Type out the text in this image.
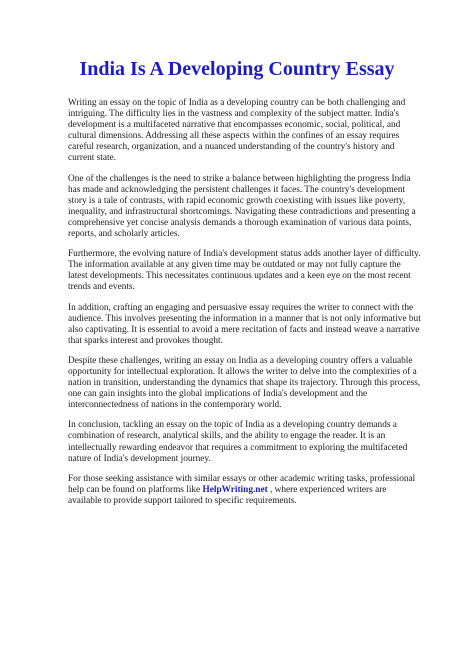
India Is A Developing Country Essay

Writing an essay on the topic of India as a developing country can be both challenging and intriguing. The difficulty lies in the vastness and complexity of the subject matter. India's development is a multifaceted narrative that encompasses economic, social, political, and cultural dimensions. Addressing all these aspects within the confines of an essay requires careful research, organization, and a nuanced understanding of the country's history and current state.

One of the challenges is the need to strike a balance between highlighting the progress India has made and acknowledging the persistent challenges it faces. The country's development story is a tale of contrasts, with rapid economic growth coexisting with issues like poverty, inequality, and infrastructural shortcomings. Navigating these contradictions and presenting a comprehensive yet concise analysis demands a thorough examination of various data points, reports, and scholarly articles.

Furthermore, the evolving nature of India's development status adds another layer of difficulty. The information available at any given time may be outdated or may not fully capture the latest developments. This necessitates continuous updates and a keen eye on the most recent trends and events.

In addition, crafting an engaging and persuasive essay requires the writer to connect with the audience. This involves presenting the information in a manner that is not only informative but also captivating. It is essential to avoid a mere recitation of facts and instead weave a narrative that sparks interest and provokes thought.

Despite these challenges, writing an essay on India as a developing country offers a valuable opportunity for intellectual exploration. It allows the writer to delve into the complexities of a nation in transition, understanding the dynamics that shape its trajectory. Through this process, one can gain insights into the global implications of India's development and the interconnectedness of nations in the contemporary world.

In conclusion, tackling an essay on the topic of India as a developing country demands a combination of research, analytical skills, and the ability to engage the reader. It is an intellectually rewarding endeavor that requires a commitment to exploring the multifaceted nature of India's development journey.

For those seeking assistance with similar essays or other academic writing tasks, professional help can be found on platforms like HelpWriting.net , where experienced writers are available to provide support tailored to specific requirements.
